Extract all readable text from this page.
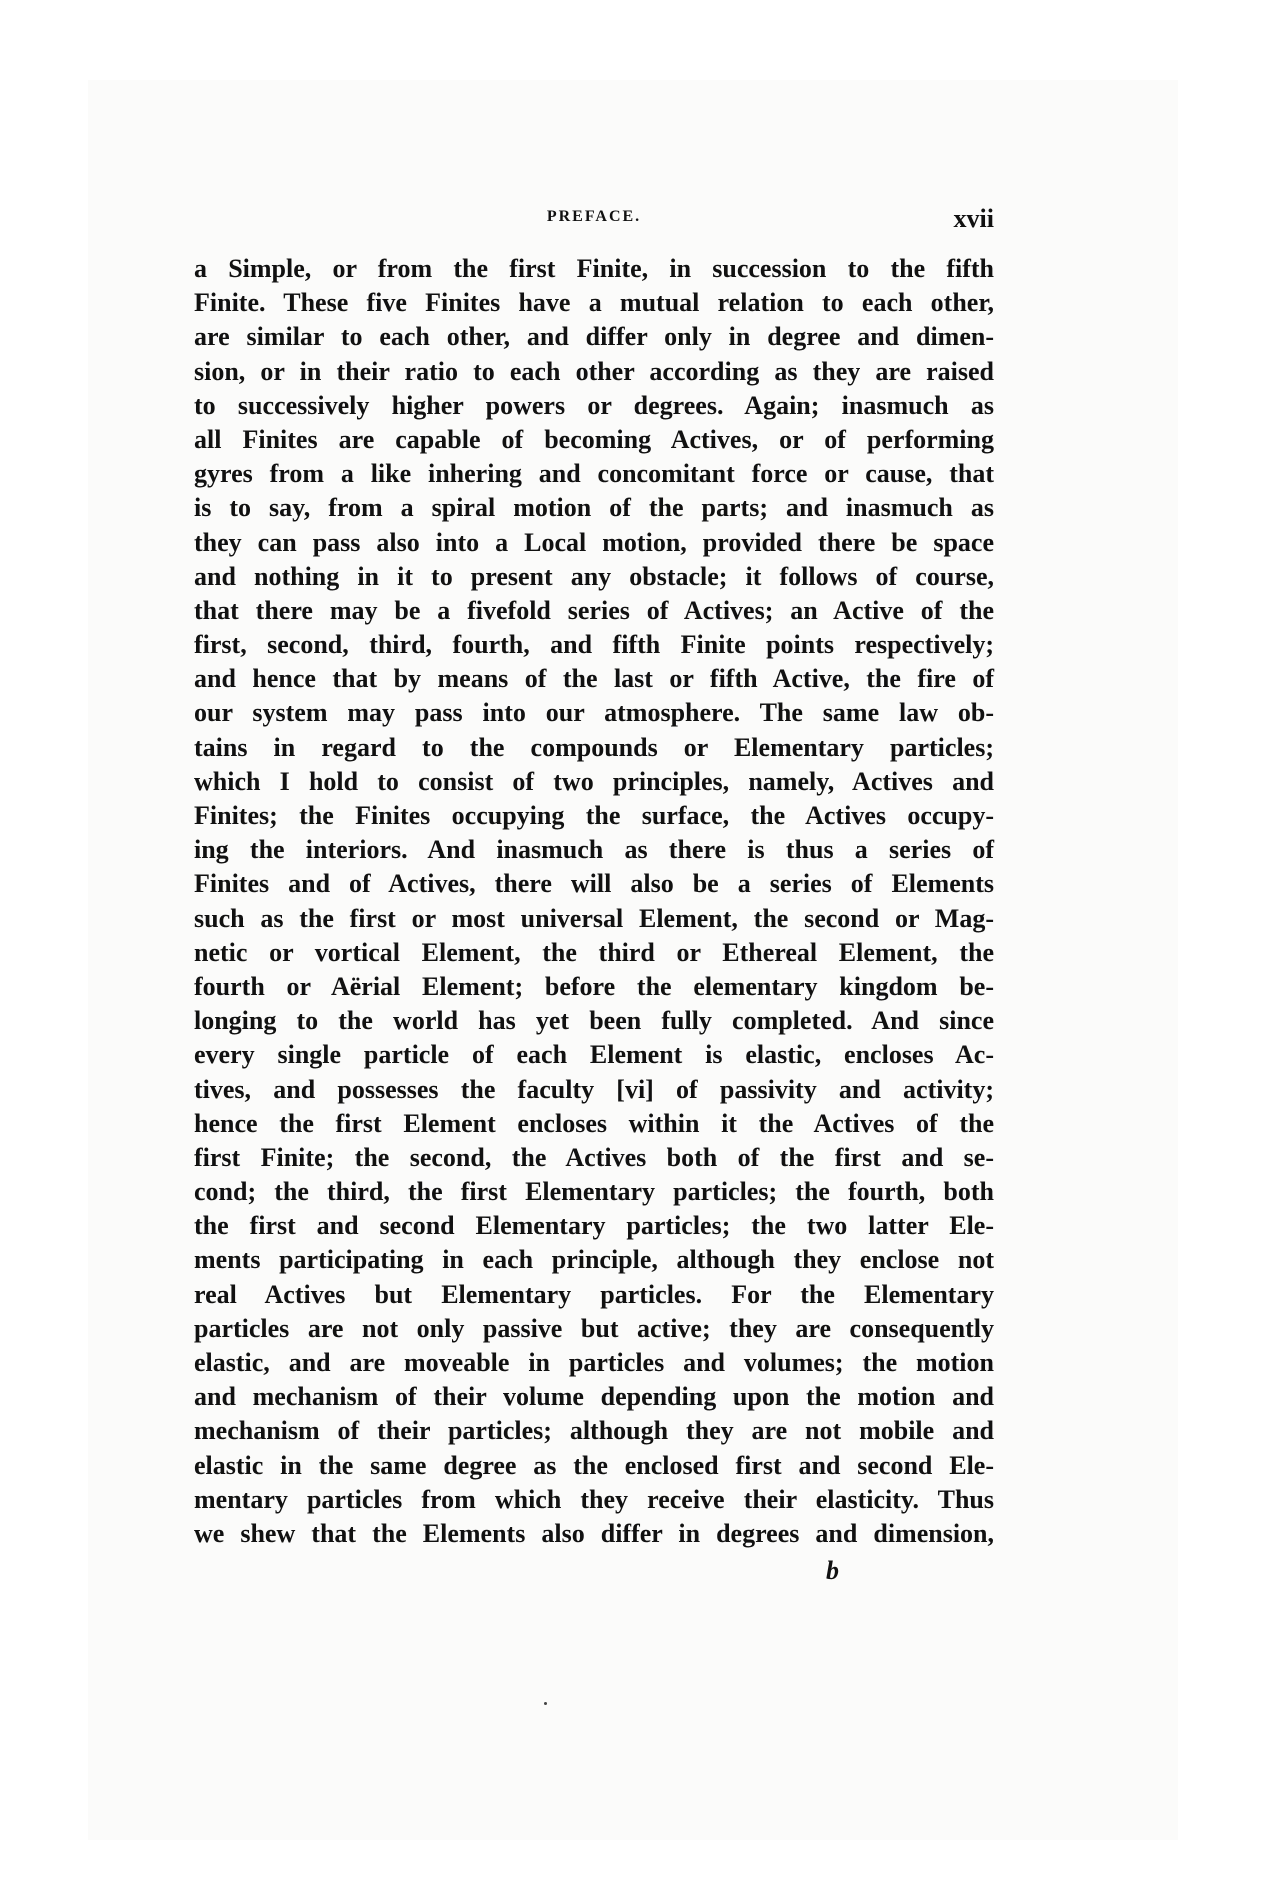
PREFACE.	xvii
a Simple, or from the first Finite, in succession to the fifth
Finite. These five Finites have a mutual relation to each other,
are similar to each other, and differ only in degree and dimen-
sion, or in their ratio to each other according as they are raised
to successively higher powers or degrees. Again; inasmuch as
all Finites are capable of becoming Actives, or of performing
gyres from a like inhering and concomitant force or cause, that
is to say, from a spiral motion of the parts; and inasmuch as
they can pass also into a Local motion, provided there be space
and nothing in it to present any obstacle; it follows of course,
that there may be a fivefold series of Actives; an Active of the
first, second, third, fourth, and fifth Finite points respectively;
and hence that by means of the last or fifth Active, the fire of
our system may pass into our atmosphere. The same law ob-
tains in regard to the compounds or Elementary particles;
which I hold to consist of two principles, namely, Actives and
Finites; the Finites occupying the surface, the Actives occupy-
ing the interiors. And inasmuch as there is thus a series of
Finites and of Actives, there will also be a series of Elements
such as the first or most universal Element, the second or Mag-
netic or vortical Element, the third or Ethereal Element, the
fourth or Aërial Element; before the elementary kingdom be-
longing to the world has yet been fully completed. And since
every single particle of each Element is elastic, encloses Ac-
tives, and possesses the faculty [vi] of passivity and activity;
hence the first Element encloses within it the Actives of the
first Finite; the second, the Actives both of the first and se-
cond; the third, the first Elementary particles; the fourth, both
the first and second Elementary particles; the two latter Ele-
ments participating in each principle, although they enclose not
real Actives but Elementary particles. For the Elementary
particles are not only passive but active; they are consequently
elastic, and are moveable in particles and volumes; the motion
and mechanism of their volume depending upon the motion and
mechanism of their particles; although they are not mobile and
elastic in the same degree as the enclosed first and second Ele-
mentary particles from which they receive their elasticity. Thus
we shew that the Elements also differ in degrees and dimension,
b
